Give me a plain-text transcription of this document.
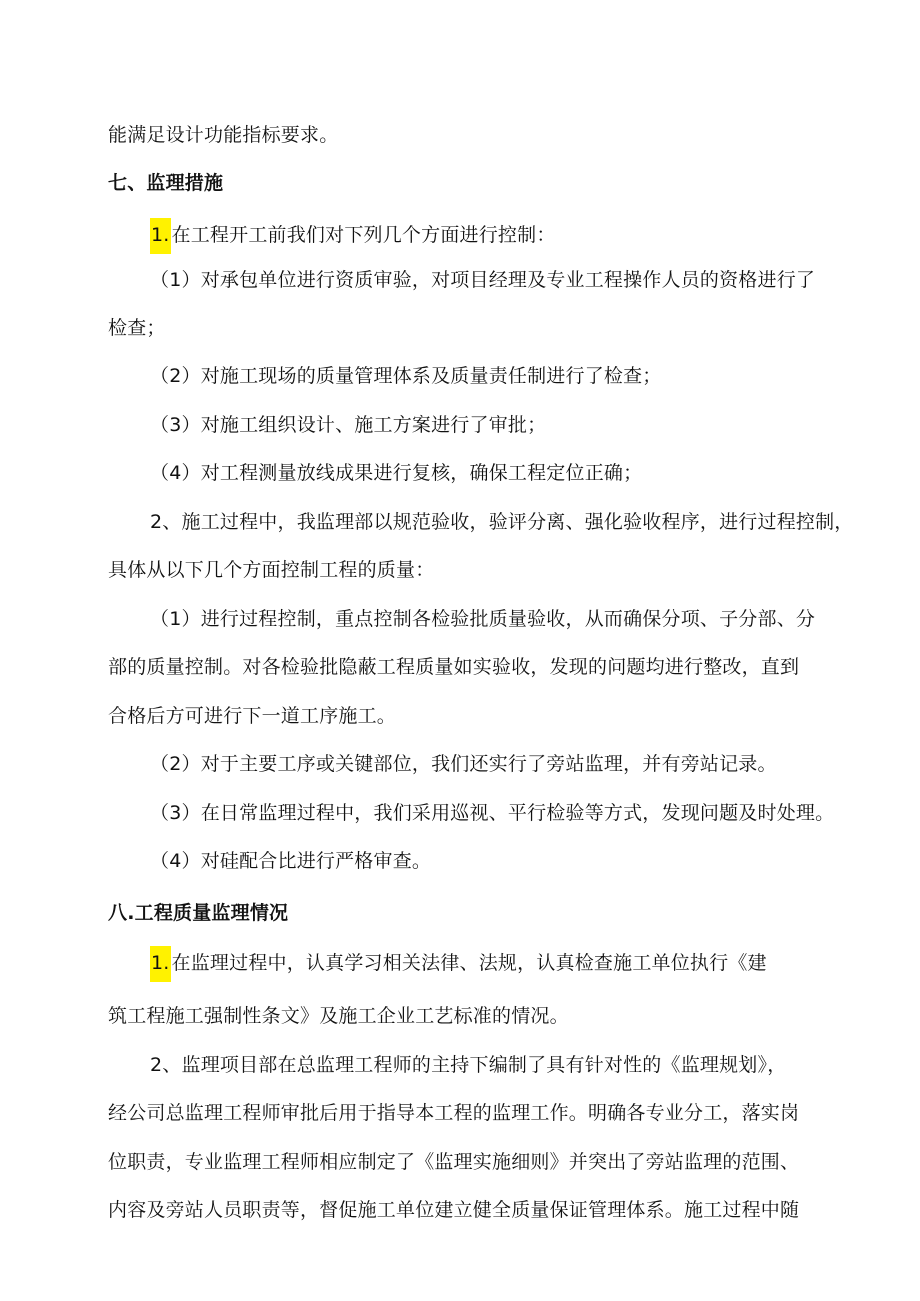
能满足设计功能指标要求。
七、监理措施
1. 在工程开工前我们对下列几个方面进行控制：
（1）对承包单位进行资质审验，对项目经理及专业工程操作人员的资格进行了
检查；
（2）对施工现场的质量管理体系及质量责任制进行了检查；
（3）对施工组织设计、施工方案进行了审批；
（4）对工程测量放线成果进行复核，确保工程定位正确；
2、施工过程中，我监理部以规范验收，验评分离、强化验收程序，进行过程控制，
具体从以下几个方面控制工程的质量：
（1）进行过程控制，重点控制各检验批质量验收，从而确保分项、子分部、分
部的质量控制。对各检验批隐蔽工程质量如实验收，发现的问题均进行整改，直到
合格后方可进行下一道工序施工。
（2）对于主要工序或关键部位，我们还实行了旁站监理，并有旁站记录。
（3）在日常监理过程中，我们采用巡视、平行检验等方式，发现问题及时处理。
（4）对硅配合比进行严格审查。
八.工程质量监理情况
1. 在监理过程中，认真学习相关法律、法规，认真检查施工单位执行《建
筑工程施工强制性条文》及施工企业工艺标准的情况。
2、监理项目部在总监理工程师的主持下编制了具有针对性的《监理规划》，
经公司总监理工程师审批后用于指导本工程的监理工作。明确各专业分工，落实岗
位职责，专业监理工程师相应制定了《监理实施细则》并突出了旁站监理的范围、
内容及旁站人员职责等，督促施工单位建立健全质量保证管理体系。施工过程中随
